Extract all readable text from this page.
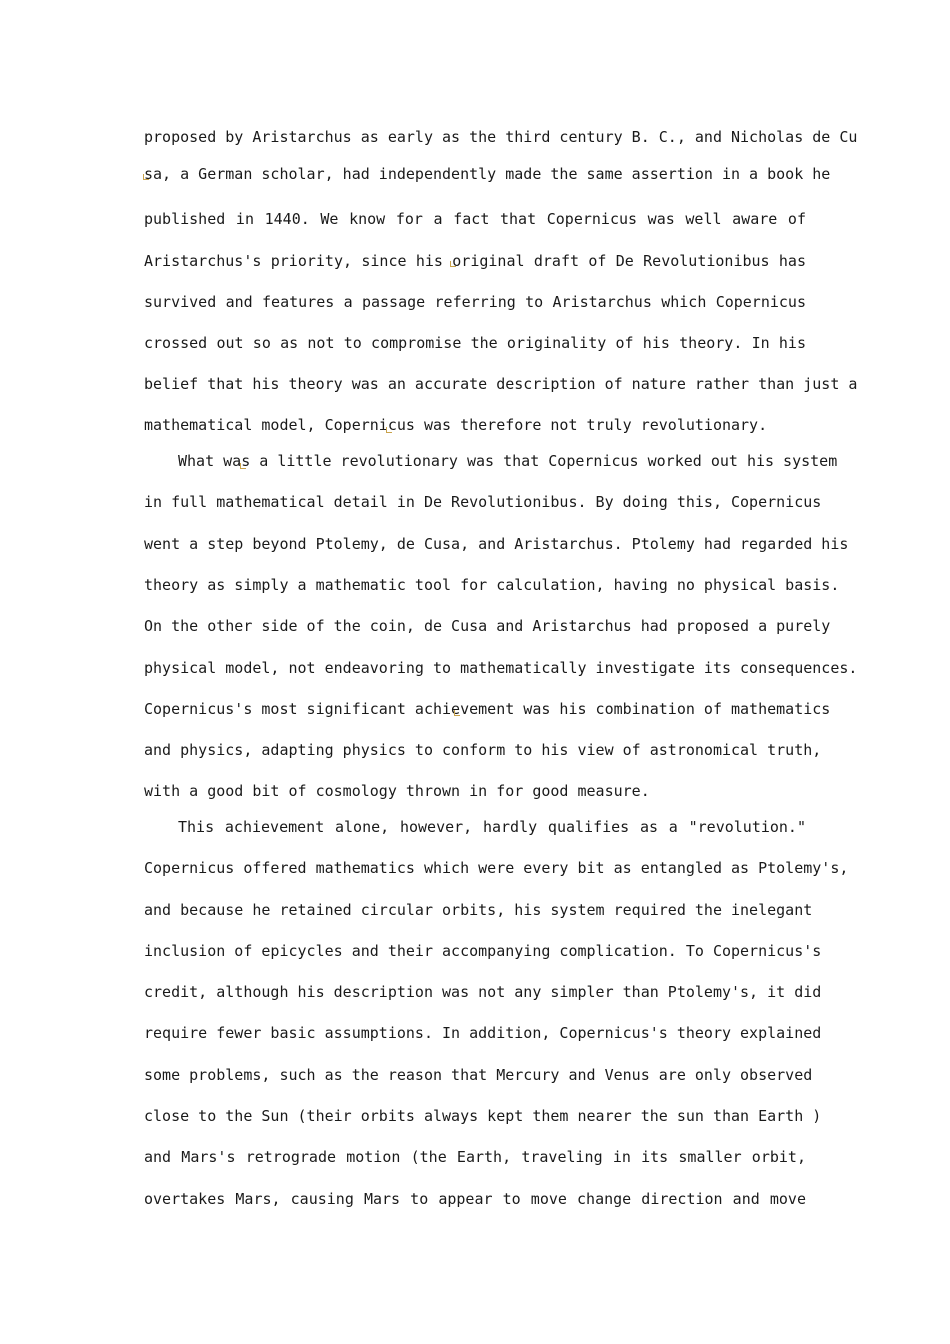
proposed by Aristarchus as early as the third century B. C., and Nicholas de Cu
sa, a German scholar, had independently made the same assertion in a book he
published in 1440. We know for a fact that Copernicus was well aware of
Aristarchus's priority, since his original draft of De Revolutionibus has
survived and features a passage referring to Aristarchus which Copernicus
crossed out so as not to compromise the originality of his theory. In his
belief that his theory was an accurate description of nature rather than just a
mathematical model, Copernicus was therefore not truly revolutionary.
What was a little revolutionary was that Copernicus worked out his system
in full mathematical detail in De Revolutionibus. By doing this, Copernicus
went a step beyond Ptolemy, de Cusa, and Aristarchus. Ptolemy had regarded his
theory as simply a mathematic tool for calculation, having no physical basis.
On the other side of the coin, de Cusa and Aristarchus had proposed a purely
physical model, not endeavoring to mathematically investigate its consequences.
Copernicus's most significant achievement was his combination of mathematics
and physics, adapting physics to conform to his view of astronomical truth,
with a good bit of cosmology thrown in for good measure.
This achievement alone, however, hardly qualifies as a "revolution."
Copernicus offered mathematics which were every bit as entangled as Ptolemy's,
and because he retained circular orbits, his system required the inelegant
inclusion of epicycles and their accompanying complication. To Copernicus's
credit, although his description was not any simpler than Ptolemy's, it did
require fewer basic assumptions. In addition, Copernicus's theory explained
some problems, such as the reason that Mercury and Venus are only observed
close to the Sun (their orbits always kept them nearer the sun than Earth )
and Mars's retrograde motion (the Earth, traveling in its smaller orbit,
overtakes Mars, causing Mars to appear to move change direction and move
